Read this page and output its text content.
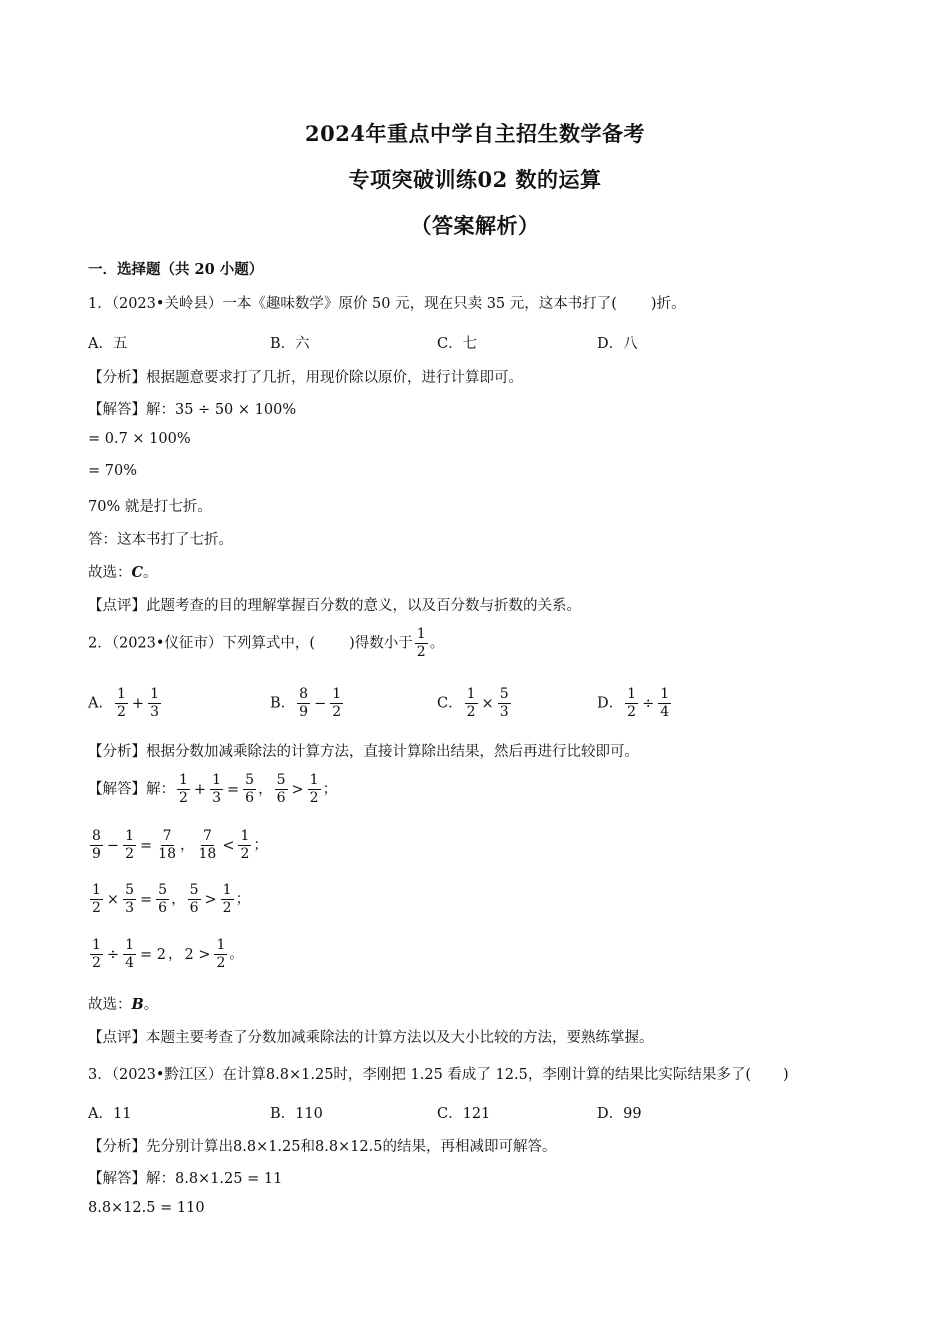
2024年重点中学自主招生数学备考
专项突破训练02 数的运算
（答案解析）
一．选择题（共 20 小题）
1．（2023•关岭县）一本《趣味数学》原价 50 元，现在只卖 35 元，这本书打了( )折。
A．五	B．六	C．七	D．八
【分析】根据题意要求打了几折，用现价除以原价，进行计算即可。
【解答】解：35 ÷ 50 × 100%
= 0.7 × 100%
= 70%
70% 就是打七折。
答：这本书打了七折。
故选：C。
【点评】此题考查的目的理解掌握百分数的意义，以及百分数与折数的关系。
2．（2023•仪征市）下列算式中，( )得数小于 $\frac{1}{2}$ 。
A． $\frac{1}{2} + \frac{1}{3}$	B． $\frac{8}{9} - \frac{1}{2}$	C． $\frac{1}{2} \times \frac{5}{3}$	D． $\frac{1}{2} \div \frac{1}{4}$
【分析】根据分数加减乘除法的计算方法，直接计算除出结果，然后再进行比较即可。
【解答】解： $\frac{1}{2} + \frac{1}{3} = \frac{5}{6}$ ， $\frac{5}{6} > \frac{1}{2}$ ；
$\frac{8}{9} - \frac{1}{2} = \frac{7}{18}$ ， $\frac{7}{18} < \frac{1}{2}$ ；
$\frac{1}{2} \times \frac{5}{3} = \frac{5}{6}$ ， $\frac{5}{6} > \frac{1}{2}$ ；
$\frac{1}{2} \div \frac{1}{4} = 2$ ， $2 > \frac{1}{2}$ 。
故选：B。
【点评】本题主要考查了分数加减乘除法的计算方法以及大小比较的方法，要熟练掌握。
3．（2023•黔江区）在计算8.8×1.25时，李刚把 1.25 看成了 12.5，李刚计算的结果比实际结果多了( )
A．11	B．110	C．121	D．99
【分析】先分别计算出8.8×1.25和8.8×12.5的结果，再相减即可解答。
【解答】解：8.8×1.25 = 11
8.8×12.5 = 110
